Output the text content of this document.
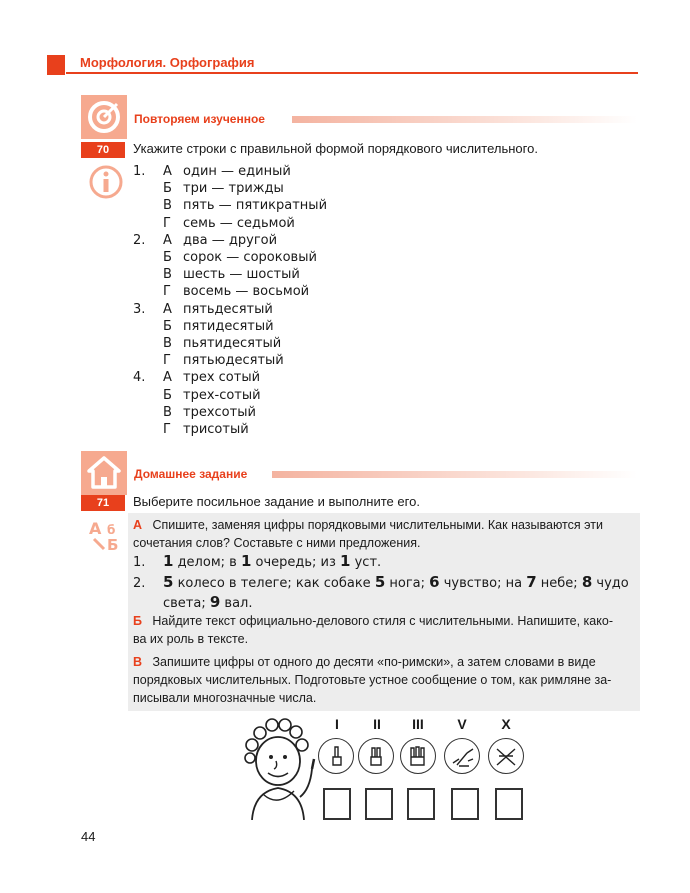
Морфология. Орфография
Повторяем изученное
70	Укажите строки с правильной формой порядкового числительного.
1. А один — единый
Б три — трижды
В пять — пятикратный
Г семь — седьмой
2. А два — другой
Б сорок — сороковый
В шесть — шостый
Г восемь — восьмой
3. А пятьдесятый
Б пятидесятый
В пьятидесятый
Г пятьюдесятый
4. А трех сотый
Б трех-сотый
В трехсотый
Г трисотый
Домашнее задание
71	Выберите посильное задание и выполните его.
А б
Б
А Спишите, заменяя цифры порядковыми числительными. Как называются эти
сочетания слов? Составьте с ними предложения.
1. 1 делом; в 1 очередь; из 1 уст.
2. 5 колесо в телеге; как собаке 5 нога; 6 чувство; на 7 небе; 8 чудо
света; 9 вал.
Б Найдите текст официально-делового стиля с числительными. Напишите, како-
ва их роль в тексте.
В Запишите цифры от одного до десяти «по-римски», а затем словами в виде
порядковых числительных. Подготовьте устное сообщение о том, как римляне за-
писывали многозначные числа.
I	II	III	V	X
44
